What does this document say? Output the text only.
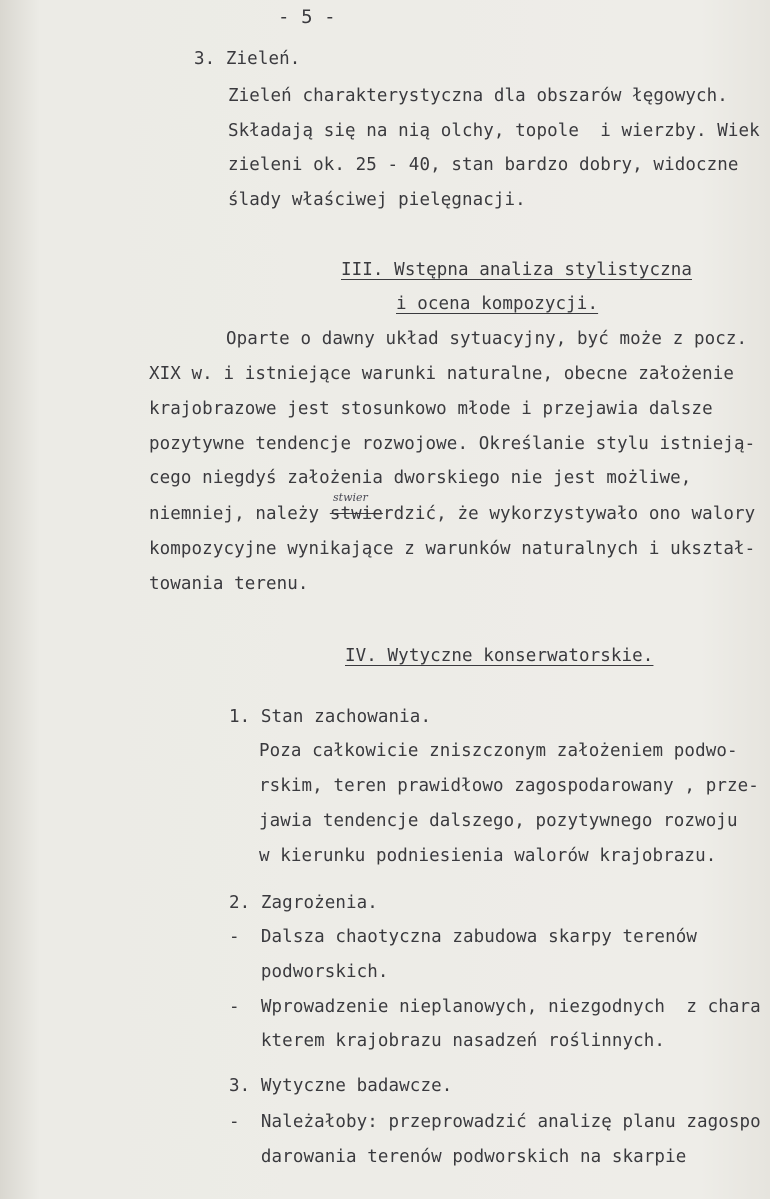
- 5 -
3. Zieleń.
Zieleń charakterystyczna dla obszarów łęgowych.
Składają się na nią olchy, topole  i wierzby. Wiek
zieleni ok. 25 - 40, stan bardzo dobry, widoczne
ślady właściwej pielęgnacji.
III. Wstępna analiza stylistyczna
i ocena kompozycji.
Oparte o dawny układ sytuacyjny, być może z pocz.
XIX w. i istniejące warunki naturalne, obecne założenie
krajobrazowe jest stosunkowo młode i przejawia dalsze
pozytywne tendencje rozwojowe. Określanie stylu istnieją-
cego niegdyś założenia dworskiego nie jest możliwe,
stwier
niemniej, należy stwierdzić, że wykorzystywało ono walory
kompozycyjne wynikające z warunków naturalnych i ukształ-
towania terenu.
IV. Wytyczne konserwatorskie.
1. Stan zachowania.
Poza całkowicie zniszczonym założeniem podwo-
rskim, teren prawidłowo zagospodarowany , prze-
jawia tendencje dalszego, pozytywnego rozwoju
w kierunku podniesienia walorów krajobrazu.
2. Zagrożenia.
-  Dalsza chaotyczna zabudowa skarpy terenów
podworskich.
-  Wprowadzenie nieplanowych, niezgodnych  z chara
kterem krajobrazu nasadzeń roślinnych.
3. Wytyczne badawcze.
-  Należałoby: przeprowadzić analizę planu zagospo
darowania terenów podworskich na skarpie
